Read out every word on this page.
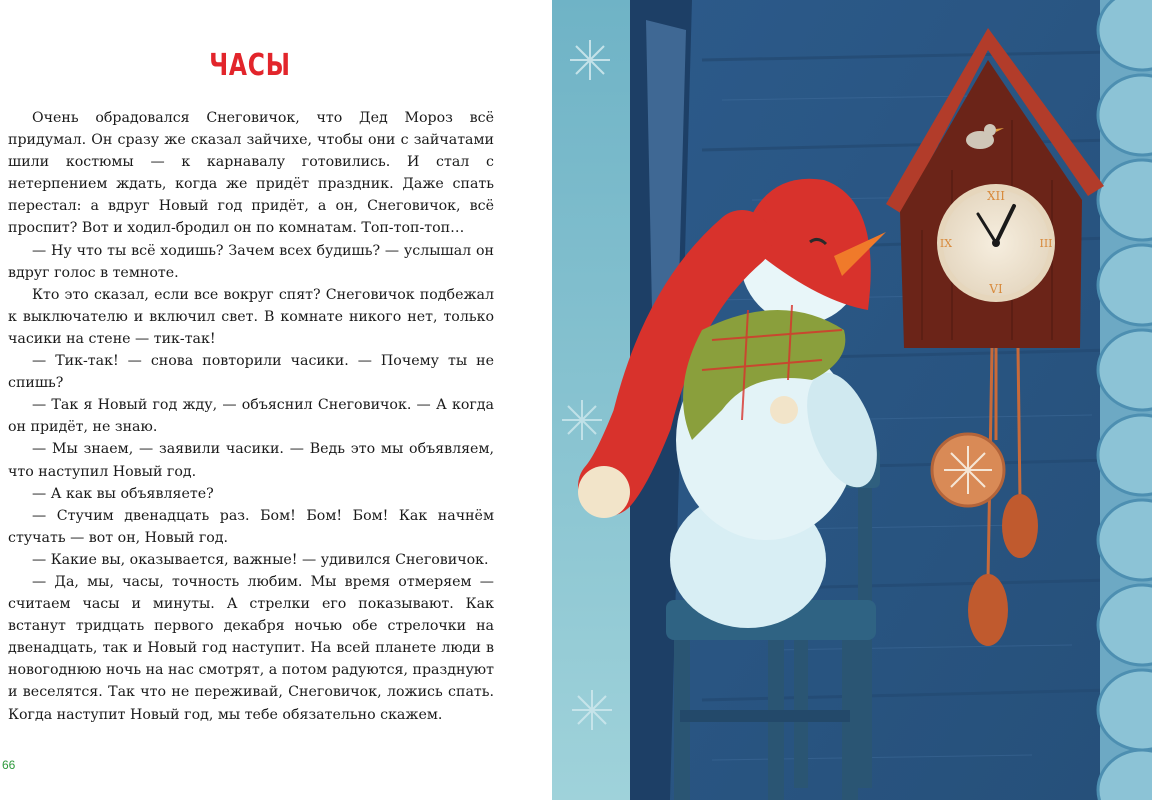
ЧАСЫ

Очень обрадовался Снеговичок, что Дед Мороз всё придумал. Он сразу же сказал зайчихе, чтобы они с зайчатами шили костюмы — к карнавалу готовились. И стал с нетерпением ждать, когда же придёт праздник. Даже спать перестал: а вдруг Новый год придёт, а он, Снеговичок, всё проспит? Вот и ходил-бродил он по комнатам. Топ-топ-топ…

— Ну что ты всё ходишь? Зачем всех будишь? — услышал он вдруг голос в темноте.

Кто это сказал, если все вокруг спят? Снеговичок подбежал к выключателю и включил свет. В комнате никого нет, только часики на стене — тик-так!

— Тик-так! — снова повторили часики. — Почему ты не спишь?

— Так я Новый год жду, — объяснил Снеговичок. — А когда он придёт, не знаю.

— Мы знаем, — заявили часики. — Ведь это мы объявляем, что наступил Новый год.

— А как вы объявляете?

— Стучим двенадцать раз. Бом! Бом! Бом! Как начнём стучать — вот он, Новый год.

— Какие вы, оказывается, важные! — удивился Снеговичок.

— Да, мы, часы, точность любим. Мы время отмеряем — считаем часы и минуты. А стрелки его показывают. Как встанут тридцать первого декабря ночью обе стрелочки на двенадцать, так и Новый год наступит. На всей планете люди в новогоднюю ночь на нас смотрят, а потом радуются, празднуют и веселятся. Так что не переживай, Снеговичок, ложись спать. Когда наступит Новый год, мы тебе обязательно скажем.

66
XII
III
VI
IX
